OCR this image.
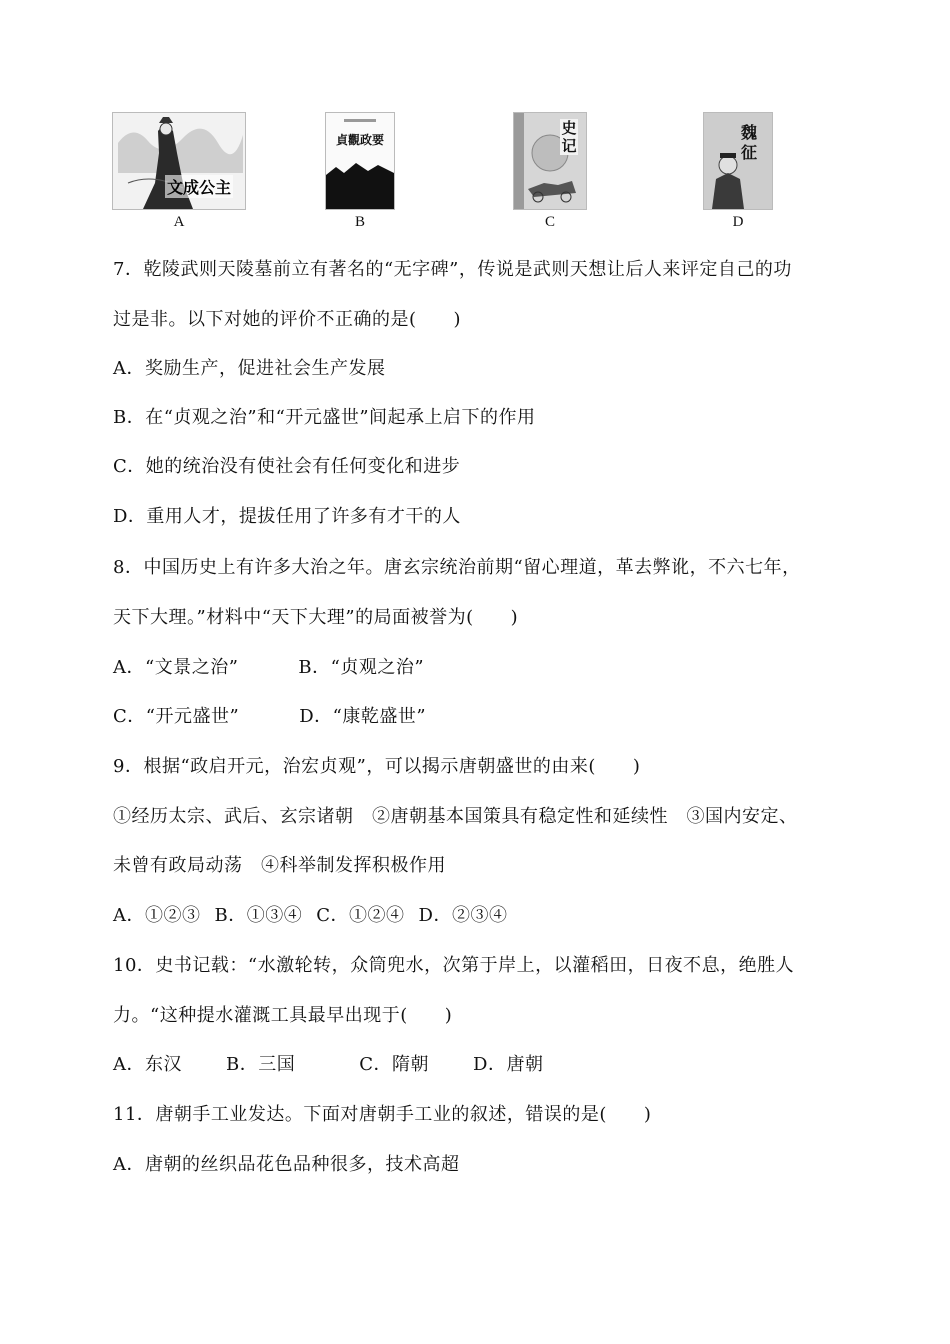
文成公主
A
貞觀政要
B
史记
C
魏征
D
7．乾陵武则天陵墓前立有著名的“无字碑”，传说是武则天想让后人来评定自己的功
过是非。以下对她的评价不正确的是(　　)
A．奖励生产，促进社会生产发展
B．在“贞观之治”和“开元盛世”间起承上启下的作用
C．她的统治没有使社会有任何变化和进步
D．重用人才，提拔任用了许多有才干的人
8．中国历史上有许多大治之年。唐玄宗统治前期“留心理道，革去弊讹，不六七年，
天下大理。”材料中“天下大理”的局面被誉为(　　)
A．“文景之治”	B．“贞观之治”
C．“开元盛世”	D．“康乾盛世”
9．根据“政启开元，治宏贞观”，可以揭示唐朝盛世的由来(　　)
①经历太宗、武后、玄宗诸朝　②唐朝基本国策具有稳定性和延续性　③国内安定、
未曾有政局动荡　④科举制发挥积极作用
A．①②③ B．①③④ C．①②④ D．②③④
10．史书记载：“水激轮转，众筒兜水，次第于岸上，以灌稻田，日夜不息，绝胜人
力。“这种提水灌溉工具最早出现于(　　)
A．东汉 B．三国	C．隋朝 D．唐朝
11．唐朝手工业发达。下面对唐朝手工业的叙述，错误的是(　　)
A．唐朝的丝织品花色品种很多，技术高超
